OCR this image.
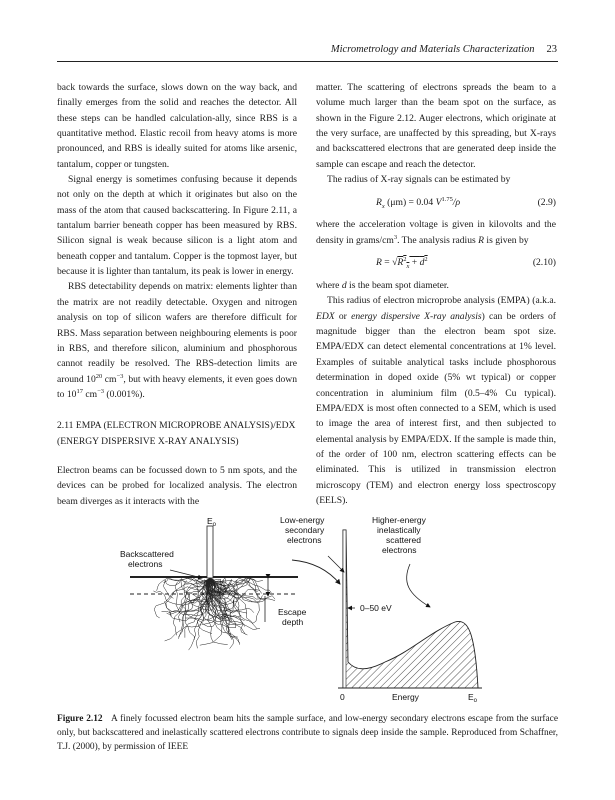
Micrometrology and Materials Characterization 23

back towards the surface, slows down on the way back, and finally emerges from the solid and reaches the detector. All these steps can be handled calculation-ally, since RBS is a quantitative method. Elastic recoil from heavy atoms is more pronounced, and RBS is ideally suited for atoms like arsenic, tantalum, copper or tungsten.

Signal energy is sometimes confusing because it depends not only on the depth at which it originates but also on the mass of the atom that caused backscattering. In Figure 2.11, a tantalum barrier beneath copper has been measured by RBS. Silicon signal is weak because silicon is a light atom and beneath copper and tantalum. Copper is the topmost layer, but because it is lighter than tantalum, its peak is lower in energy.

RBS detectability depends on matrix: elements lighter than the matrix are not readily detectable. Oxygen and nitrogen analysis on top of silicon wafers are therefore difficult for RBS. Mass separation between neighbouring elements is poor in RBS, and therefore silicon, aluminium and phosphorous cannot readily be resolved. The RBS-detection limits are around $10^{20}$ $cm^{-3}$, but with heavy elements, it even goes down to $10^{17}$ $cm^{-3}$ (0.001%).

2.11 EMPA (ELECTRON MICROPROBE ANALYSIS)/EDX (ENERGY DISPERSIVE X-RAY ANALYSIS)

Electron beams can be focussed down to 5 nm spots, and the devices can be probed for localized analysis. The electron beam diverges as it interacts with the

matter. The scattering of electrons spreads the beam to a volume much larger than the beam spot on the surface, as shown in the Figure 2.12. Auger electrons, which originate at the very surface, are unaffected by this spreading, but X-rays and backscattered electrons that are generated deep inside the sample can escape and reach the detector.

The radius of X-ray signals can be estimated by

$R_x$ (μm) = 0.04 $V^{1.75}/\rho$	(2.9)

where the acceleration voltage is given in kilovolts and the density in grams/$cm^3$. The analysis radius R is given by

$R = √R^2_x + d^2$	(2.10)

where d is the beam spot diameter.

This radius of electron microprobe analysis (EMPA) (a.k.a. EDX or energy dispersive X-ray analysis) can be orders of magnitude bigger than the electron beam spot size. EMPA/EDX can detect elemental concentrations at 1% level. Examples of suitable analytical tasks include phosphorous determination in doped oxide (5% wt typical) or copper concentration in aluminium film (0.5–4% Cu typical). EMPA/EDX is most often connected to a SEM, which is used to image the area of interest first, and then subjected to elemental analysis by EMPA/EDX. If the sample is made thin, of the order of 100 nm, electron scattering effects can be eliminated. This is utilized in transmission electron microscopy (TEM) and electron energy loss spectroscopy (EELS).

$E_o$
Backscattered
electrons
Escape
depth
Low-energy
secondary
electrons
Higher-energy
inelastically
scattered
electrons
0–50 eV
0	Energy	$E_o$
Figure 2.12 A finely focussed electron beam hits the sample surface, and low-energy secondary electrons escape from the surface only, but backscattered and inelastically scattered electrons contribute to signals deep inside the sample. Reproduced from Schaffner, T.J. (2000), by permission of IEEE
